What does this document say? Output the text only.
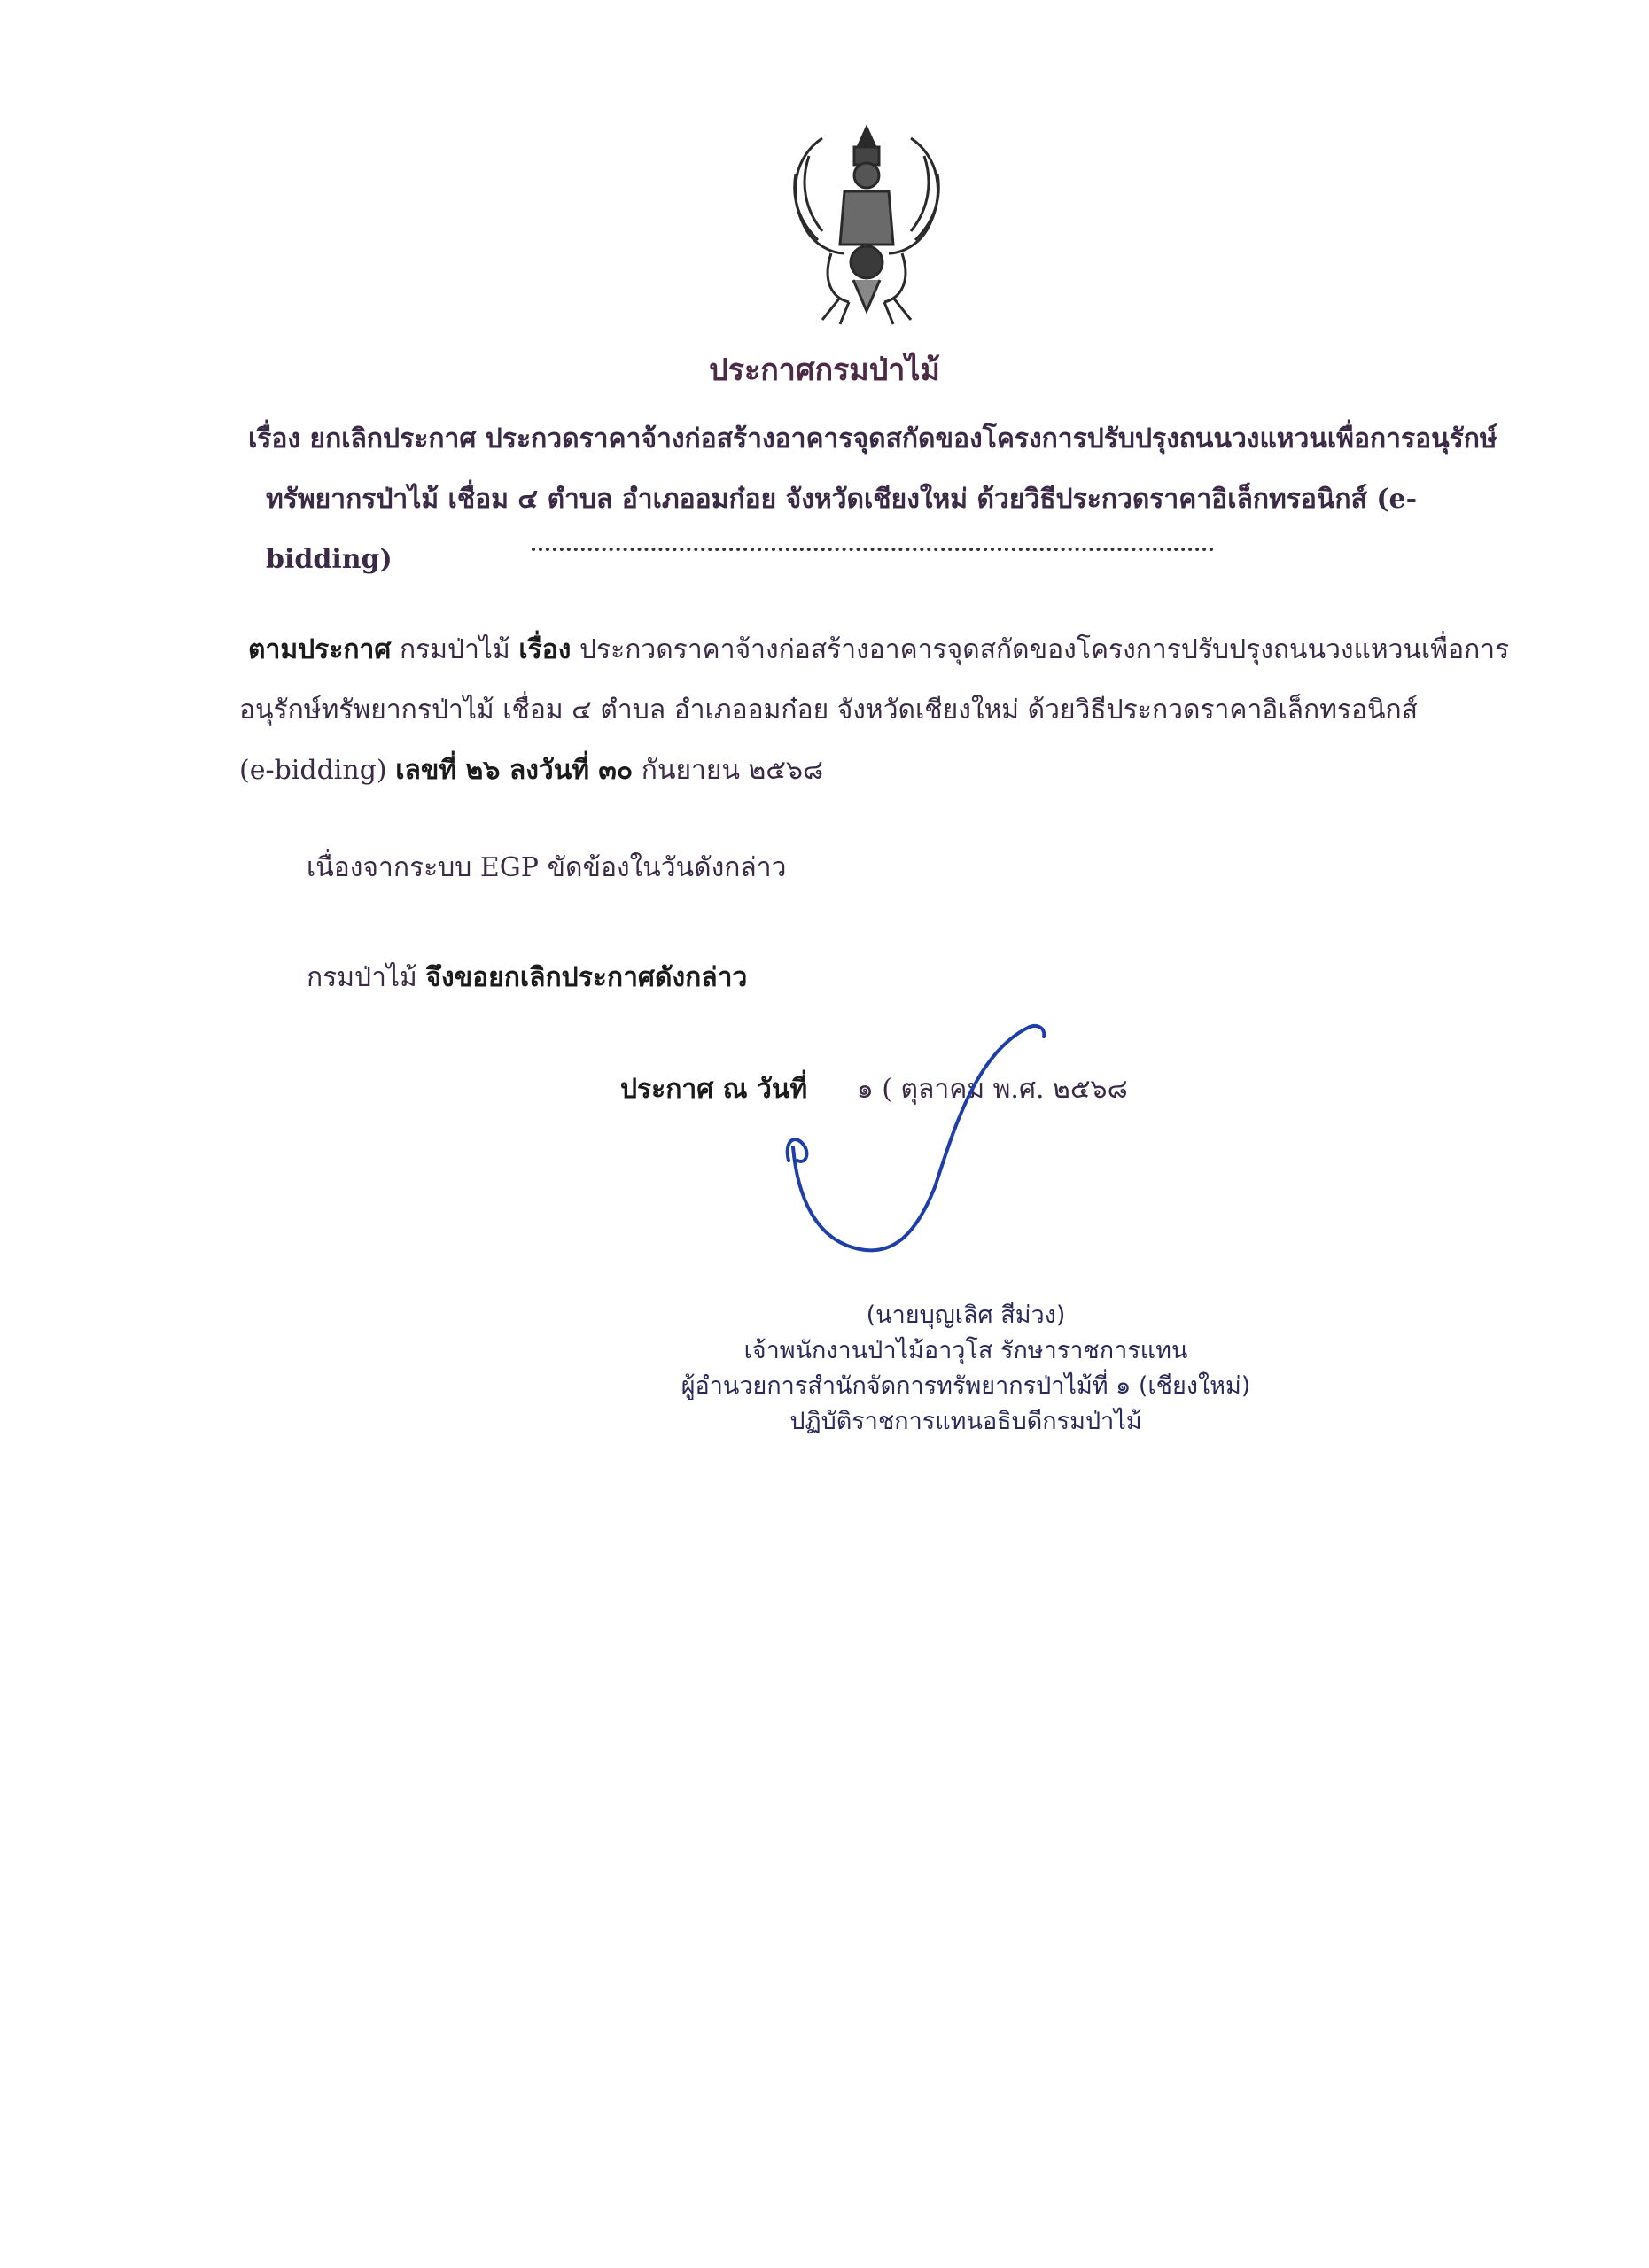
ประกาศกรมป่าไม้
เรื่อง ยกเลิกประกาศ ประกวดราคาจ้างก่อสร้างอาคารจุดสกัดของโครงการปรับปรุงถนนวงแหวนเพื่อการอนุรักษ์
ทรัพยากรป่าไม้ เชื่อม ๔ ตำบล อำเภออมก๋อย จังหวัดเชียงใหม่ ด้วยวิธีประกวดราคาอิเล็กทรอนิกส์ (e-bidding)
ตามประกาศ กรมป่าไม้ เรื่อง ประกวดราคาจ้างก่อสร้างอาคารจุดสกัดของโครงการปรับปรุงถนนวงแหวนเพื่อการ
อนุรักษ์ทรัพยากรป่าไม้ เชื่อม ๔ ตำบล อำเภออมก๋อย จังหวัดเชียงใหม่ ด้วยวิธีประกวดราคาอิเล็กทรอนิกส์
(e-bidding) เลขที่ ๒๖ ลงวันที่ ๓๐ กันยายน ๒๕๖๘
เนื่องจากระบบ EGP ขัดข้องในวันดังกล่าว
กรมป่าไม้ จึงขอยกเลิกประกาศดังกล่าว
ประกาศ ณ วันที่ ๑ ( ตุลาคม พ.ศ. ๒๕๖๘
(นายบุญเลิศ สีม่วง)
เจ้าพนักงานป่าไม้อาวุโส รักษาราชการแทน
ผู้อำนวยการสำนักจัดการทรัพยากรป่าไม้ที่ ๑ (เชียงใหม่)
ปฏิบัติราชการแทนอธิบดีกรมป่าไม้
